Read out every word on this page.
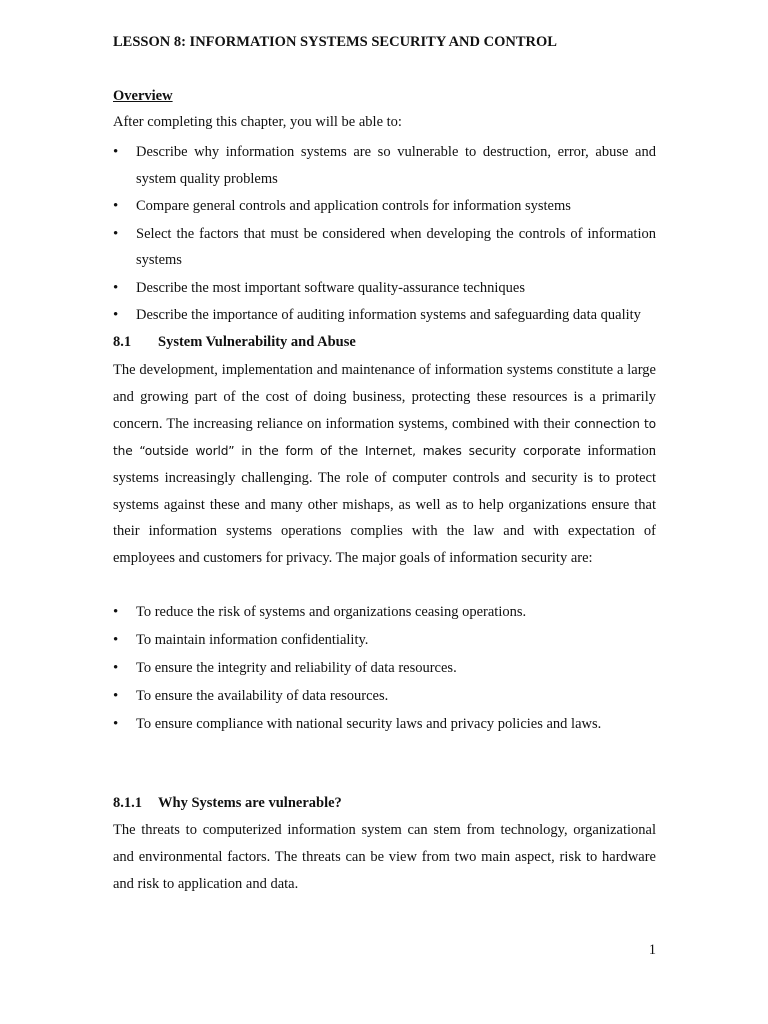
LESSON 8: INFORMATION SYSTEMS SECURITY AND CONTROL
Overview
After completing this chapter, you will be able to:
• Describe why information systems are so vulnerable to destruction, error, abuse and system quality problems
• Compare general controls and application controls for information systems
• Select the factors that must be considered when developing the controls of information systems
• Describe the most important software quality-assurance techniques
• Describe the importance of auditing information systems and safeguarding data quality
8.1 System Vulnerability and Abuse

The development, implementation and maintenance of information systems constitute a large and growing part of the cost of doing business, protecting these resources is a primarily concern. The increasing reliance on information systems, combined with their connection to the “outside world” in the form of the Internet, makes security corporate information systems increasingly challenging. The role of computer controls and security is to protect systems against these and many other mishaps, as well as to help organizations ensure that their information systems operations complies with the law and with expectation of employees and customers for privacy. The major goals of information security are:

• To reduce the risk of systems and organizations ceasing operations.
• To maintain information confidentiality.
• To ensure the integrity and reliability of data resources.
• To ensure the availability of data resources.
• To ensure compliance with national security laws and privacy policies and laws.
8.1.1 Why Systems are vulnerable?

The threats to computerized information system can stem from technology, organizational and environmental factors. The threats can be view from two main aspect, risk to hardware and risk to application and data.

1
